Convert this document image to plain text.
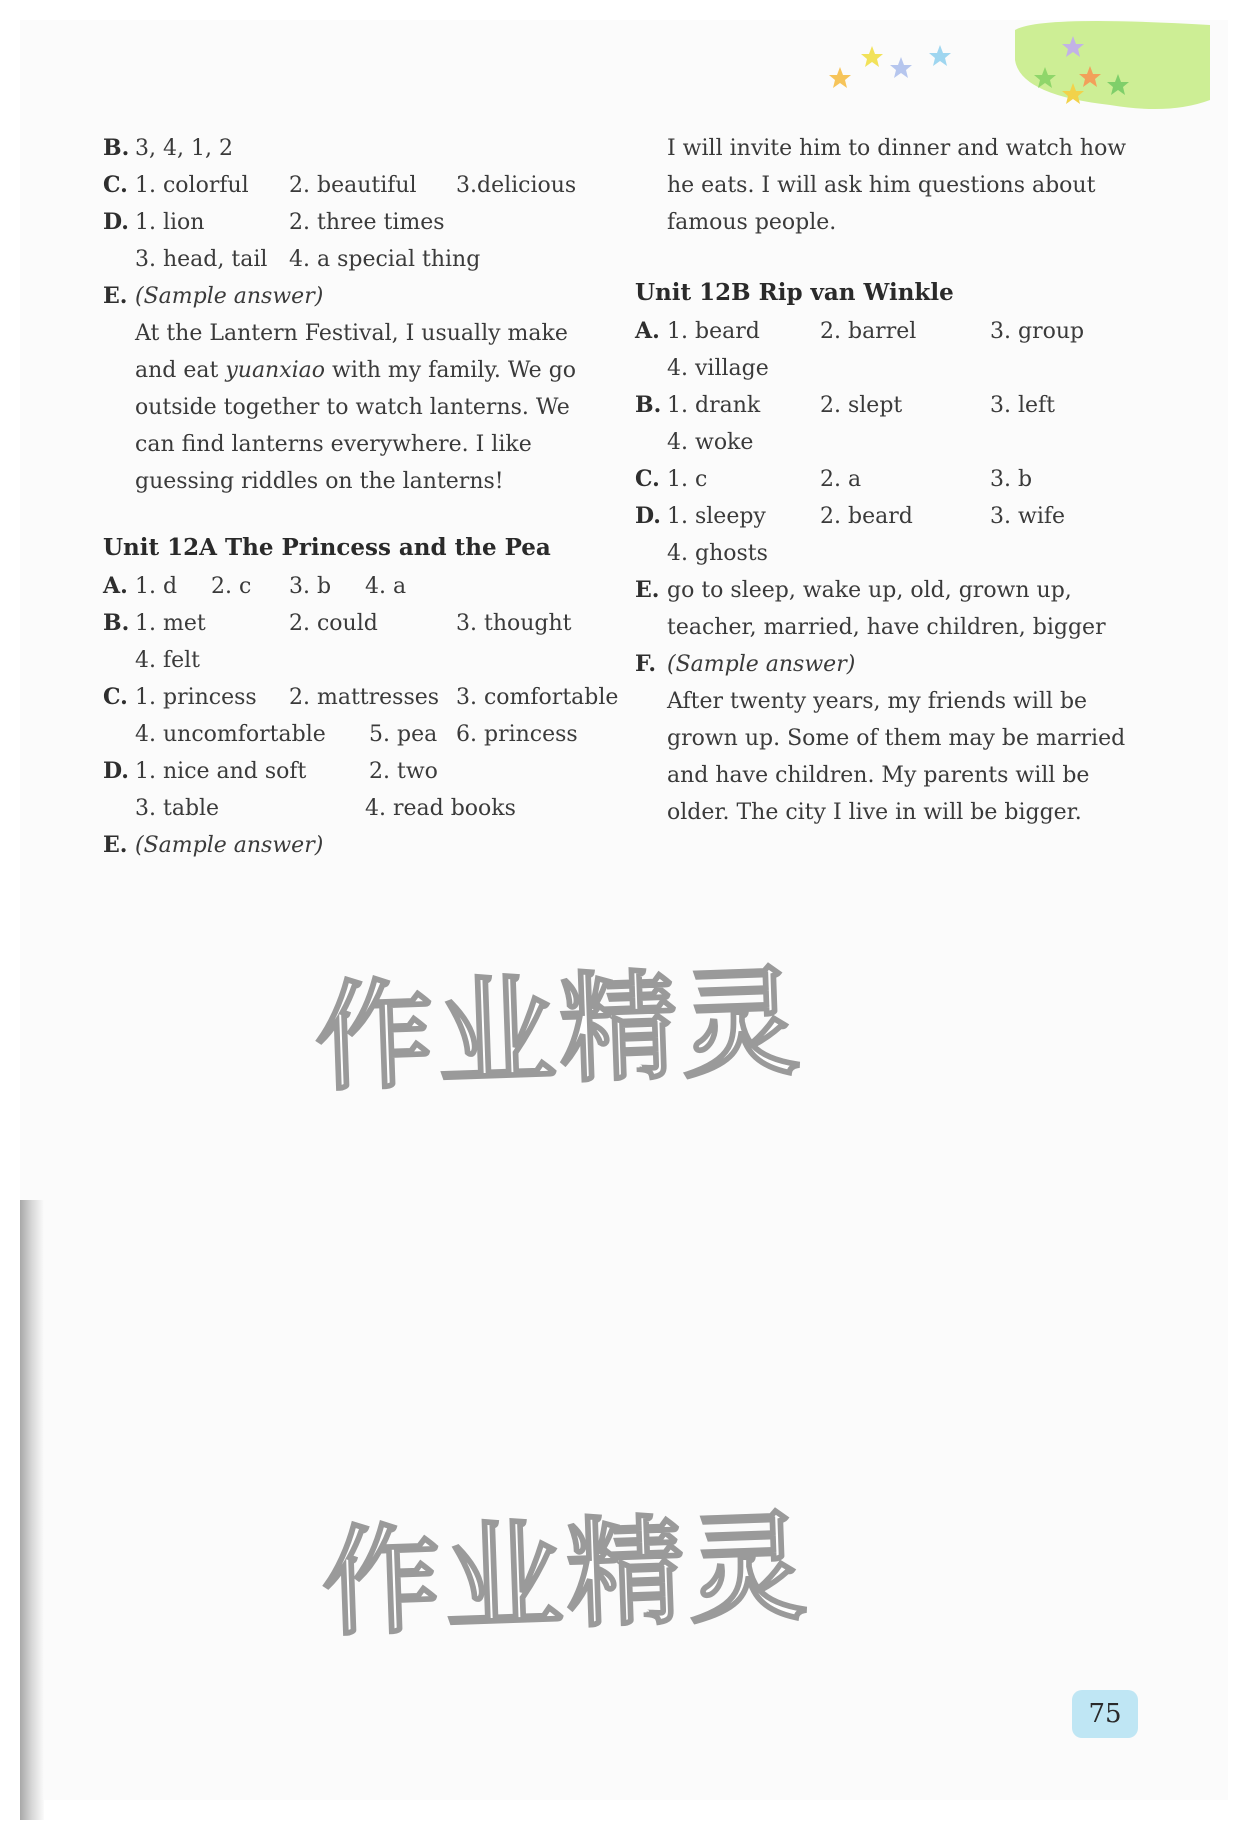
B. 3, 4, 1, 2
C. 1. colorful 2. beautiful 3.delicious
D. 1. lion	2. three times
3. head, tail 4. a special thing
E. (Sample answer)
At the Lantern Festival, I usually make and eat yuanxiao with my family. We go outside together to watch lanterns. We can find lanterns everywhere. I like guessing riddles on the lanterns!
Unit 12A The Princess and the Pea
A. 1. d 2. c 3. b 4. a
B. 1. met	2. could	3. thought
4. felt
C. 1. princess 2. mattresses 3. comfortable
4. uncomfortable 5. pea 6. princess
D. 1. nice and soft	2. two
3. table	4. read books
E. (Sample answer)
I will invite him to dinner and watch how he eats. I will ask him questions about famous people.
Unit 12B Rip van Winkle
A. 1. beard	2. barrel	3. group
4. village
B. 1. drank	2. slept	3. left
4. woke
C. 1. c	2. a	3. b
D. 1. sleepy 2. beard	3. wife
4. ghosts
E. go to sleep, wake up, old, grown up, teacher, married, have children, bigger
F. (Sample answer)
After twenty years, my friends will be grown up. Some of them may be married and have children. My parents will be older. The city I live in will be bigger.
作业精灵
作业精灵
75
